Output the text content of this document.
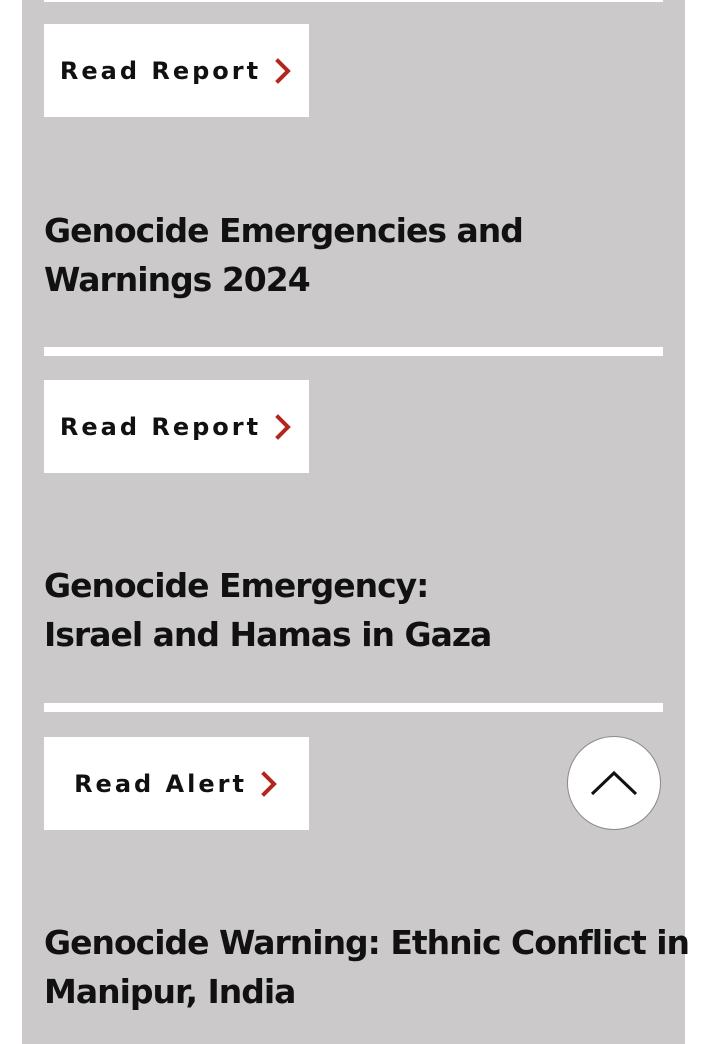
Read Report
Genocide Emergencies and
Warnings 2024
Read Report
Genocide Emergency:
Israel and Hamas in Gaza
Read Alert
Genocide Warning: Ethnic Conflict in
Manipur, India
